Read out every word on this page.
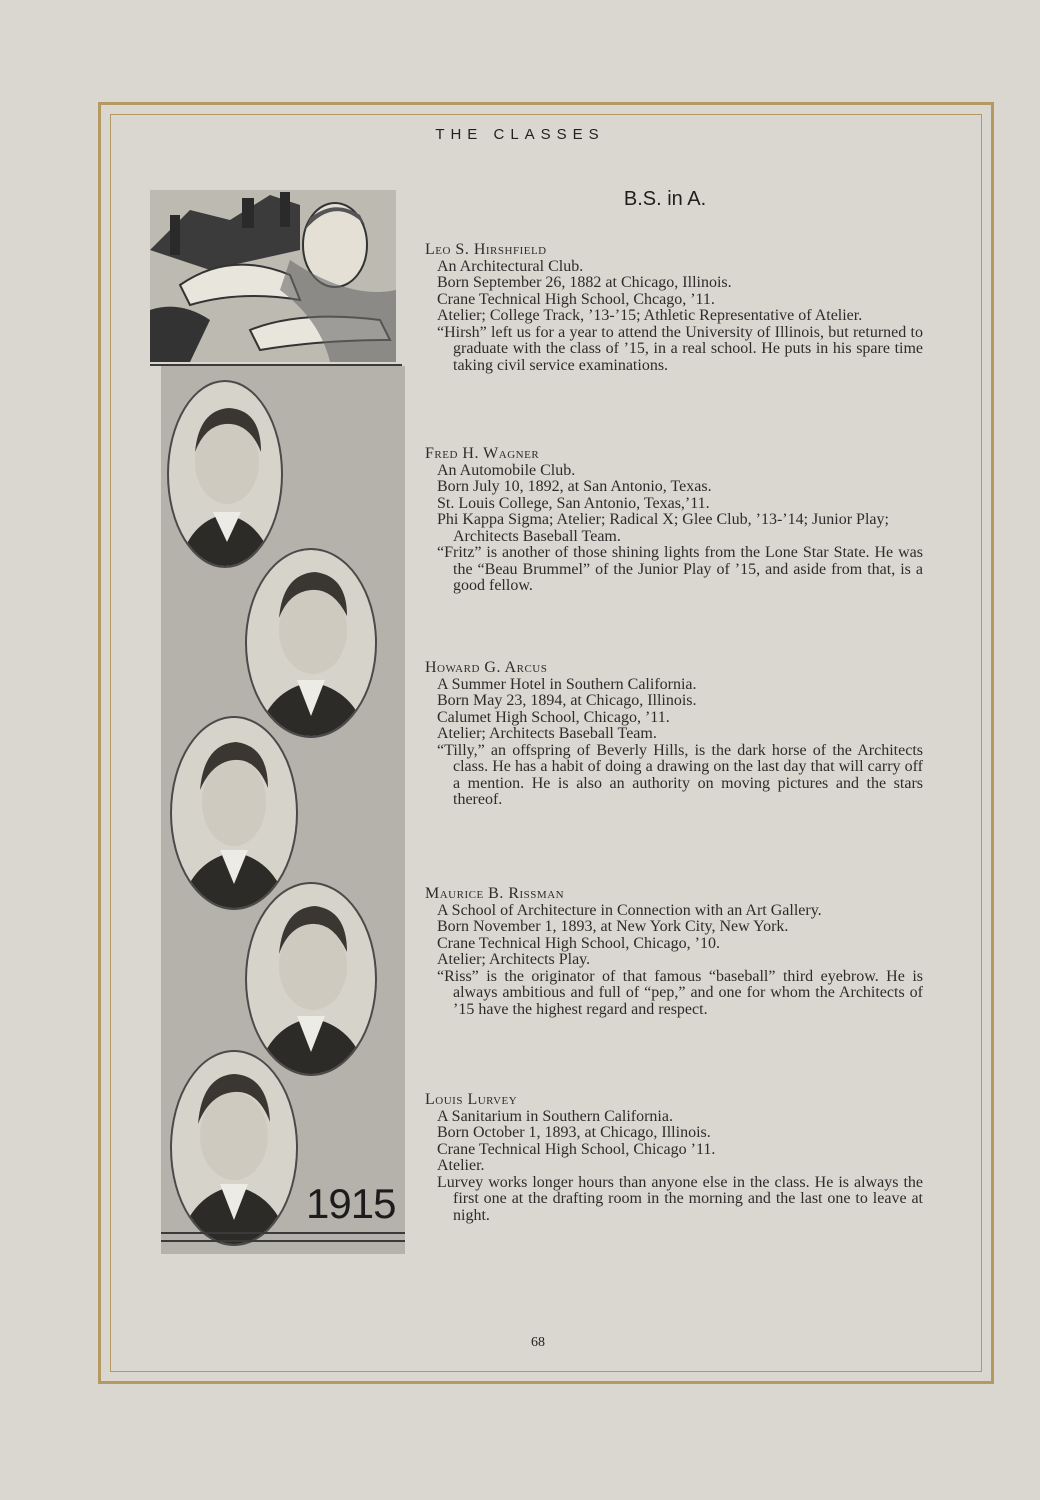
THE CLASSES
B.S. in A.
1915
Leo S. Hirshfield
An Architectural Club.
Born September 26, 1882 at Chicago, Illinois.
Crane Technical High School, Chcago, ’11.
Atelier; College Track, ’13-’15; Athletic Representative of Atelier.
“Hirsh” left us for a year to attend the University of Illinois, but returned to graduate with the class of ’15, in a real school. He puts in his spare time taking civil service examinations.
Fred H. Wagner
An Automobile Club.
Born July 10, 1892, at San Antonio, Texas.
St. Louis College, San Antonio, Texas,’11.
Phi Kappa Sigma; Atelier; Radical X; Glee Club, ’13-’14; Junior Play; Architects Baseball Team.
“Fritz” is another of those shining lights from the Lone Star State. He was the “Beau Brummel” of the Junior Play of ’15, and aside from that, is a good fellow.
Howard G. Arcus
A Summer Hotel in Southern California.
Born May 23, 1894, at Chicago, Illinois.
Calumet High School, Chicago, ’11.
Atelier; Architects Baseball Team.
“Tilly,” an offspring of Beverly Hills, is the dark horse of the Architects class. He has a habit of doing a drawing on the last day that will carry off a mention. He is also an authority on moving pictures and the stars thereof.
Maurice B. Rissman
A School of Architecture in Connection with an Art Gallery.
Born November 1, 1893, at New York City, New York.
Crane Technical High School, Chicago, ’10.
Atelier; Architects Play.
“Riss” is the originator of that famous “baseball” third eyebrow. He is always ambitious and full of “pep,” and one for whom the Architects of ’15 have the highest regard and respect.
Louis Lurvey
A Sanitarium in Southern California.
Born October 1, 1893, at Chicago, Illinois.
Crane Technical High School, Chicago ’11.
Atelier.
Lurvey works longer hours than anyone else in the class. He is always the first one at the drafting room in the morning and the last one to leave at night.
68
